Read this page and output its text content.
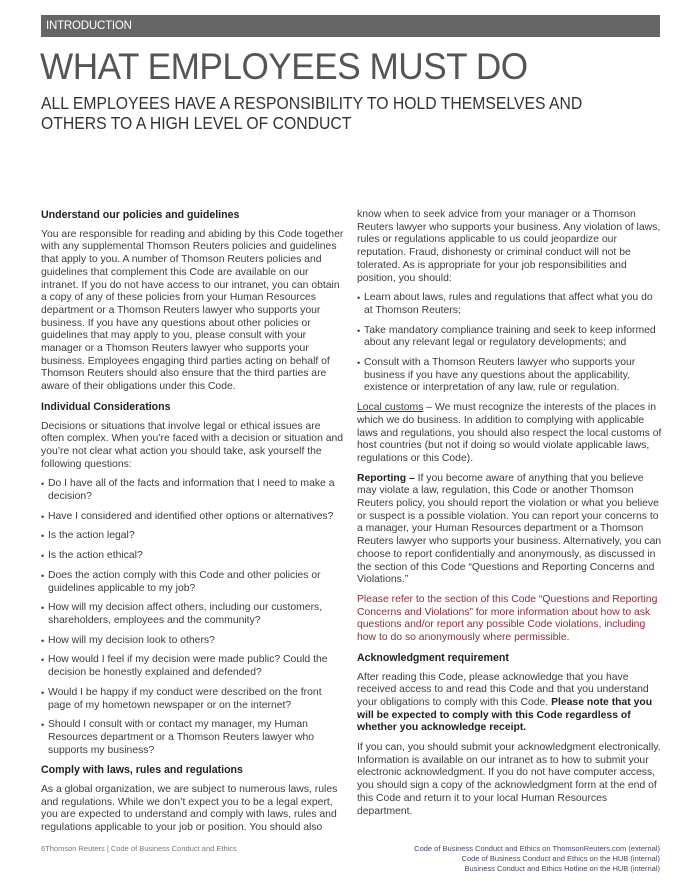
INTRODUCTION
WHAT EMPLOYEES MUST DO
ALL EMPLOYEES HAVE A RESPONSIBILITY TO HOLD THEMSELVES AND OTHERS TO A HIGH LEVEL OF CONDUCT
Understand our policies and guidelines

You are responsible for reading and abiding by this Code together with any supplemental Thomson Reuters policies and guidelines that apply to you. A number of Thomson Reuters policies and guidelines that complement this Code are available on our intranet. If you do not have access to our intranet, you can obtain a copy of any of these policies from your Human Resources department or a Thomson Reuters lawyer who supports your business. If you have any questions about other policies or guidelines that may apply to you, please consult with your manager or a Thomson Reuters lawyer who supports your business. Employees engaging third parties acting on behalf of Thomson Reuters should also ensure that the third parties are aware of their obligations under this Code.

Individual Considerations

Decisions or situations that involve legal or ethical issues are often complex. When you’re faced with a decision or situation and you’re not clear what action you should take, ask yourself the following questions:

• Do I have all of the facts and information that I need to make a decision?
• Have I considered and identified other options or alternatives?
• Is the action legal?
• Is the action ethical?
• Does the action comply with this Code and other policies or guidelines applicable to my job?
• How will my decision affect others, including our customers, shareholders, employees and the community?
• How will my decision look to others?
• How would I feel if my decision were made public? Could the decision be honestly explained and defended?
• Would I be happy if my conduct were described on the front page of my hometown newspaper or on the internet?
• Should I consult with or contact my manager, my Human Resources department or a Thomson Reuters lawyer who supports my business?
Comply with laws, rules and regulations

As a global organization, we are subject to numerous laws, rules and regulations. While we don’t expect you to be a legal expert, you are expected to understand and comply with laws, rules and regulations applicable to your job or position. You should also

know when to seek advice from your manager or a Thomson Reuters lawyer who supports your business. Any violation of laws, rules or regulations applicable to us could jeopardize our reputation. Fraud, dishonesty or criminal conduct will not be tolerated. As is appropriate for your job responsibilities and position, you should:

• Learn about laws, rules and regulations that affect what you do at Thomson Reuters;
• Take mandatory compliance training and seek to keep informed about any relevant legal or regulatory developments; and
• Consult with a Thomson Reuters lawyer who supports your business if you have any questions about the applicability, existence or interpretation of any law, rule or regulation.

Local customs – We must recognize the interests of the places in which we do business. In addition to complying with applicable laws and regulations, you should also respect the local customs of host countries (but not if doing so would violate applicable laws, regulations or this Code).

Reporting – If you become aware of anything that you believe may violate a law, regulation, this Code or another Thomson Reuters policy, you should report the violation or what you believe or suspect is a possible violation. You can report your concerns to a manager, your Human Resources department or a Thomson Reuters lawyer who supports your business. Alternatively, you can choose to report confidentially and anonymously, as discussed in the section of this Code “Questions and Reporting Concerns and Violations.”

Please refer to the section of this Code “Questions and Reporting Concerns and Violations” for more information about how to ask questions and/or report any possible Code violations, including how to do so anonymously where permissible.

Acknowledgment requirement

After reading this Code, please acknowledge that you have received access to and read this Code and that you understand your obligations to comply with this Code. Please note that you will be expected to comply with this Code regardless of whether you acknowledge receipt.

If you can, you should submit your acknowledgment electronically. Information is available on our intranet as to how to submit your electronic acknowledgment. If you do not have computer access, you should sign a copy of the acknowledgment form at the end of this Code and return it to your local Human Resources department.

6Thomson Reuters | Code of Business Conduct and Ethics	Code of Business Conduct and Ethics on ThomsonReuters.com (external)
Code of Business Conduct and Ethics on the HUB (internal)
Business Conduct and Ethics Hotline on the HUB (internal)
